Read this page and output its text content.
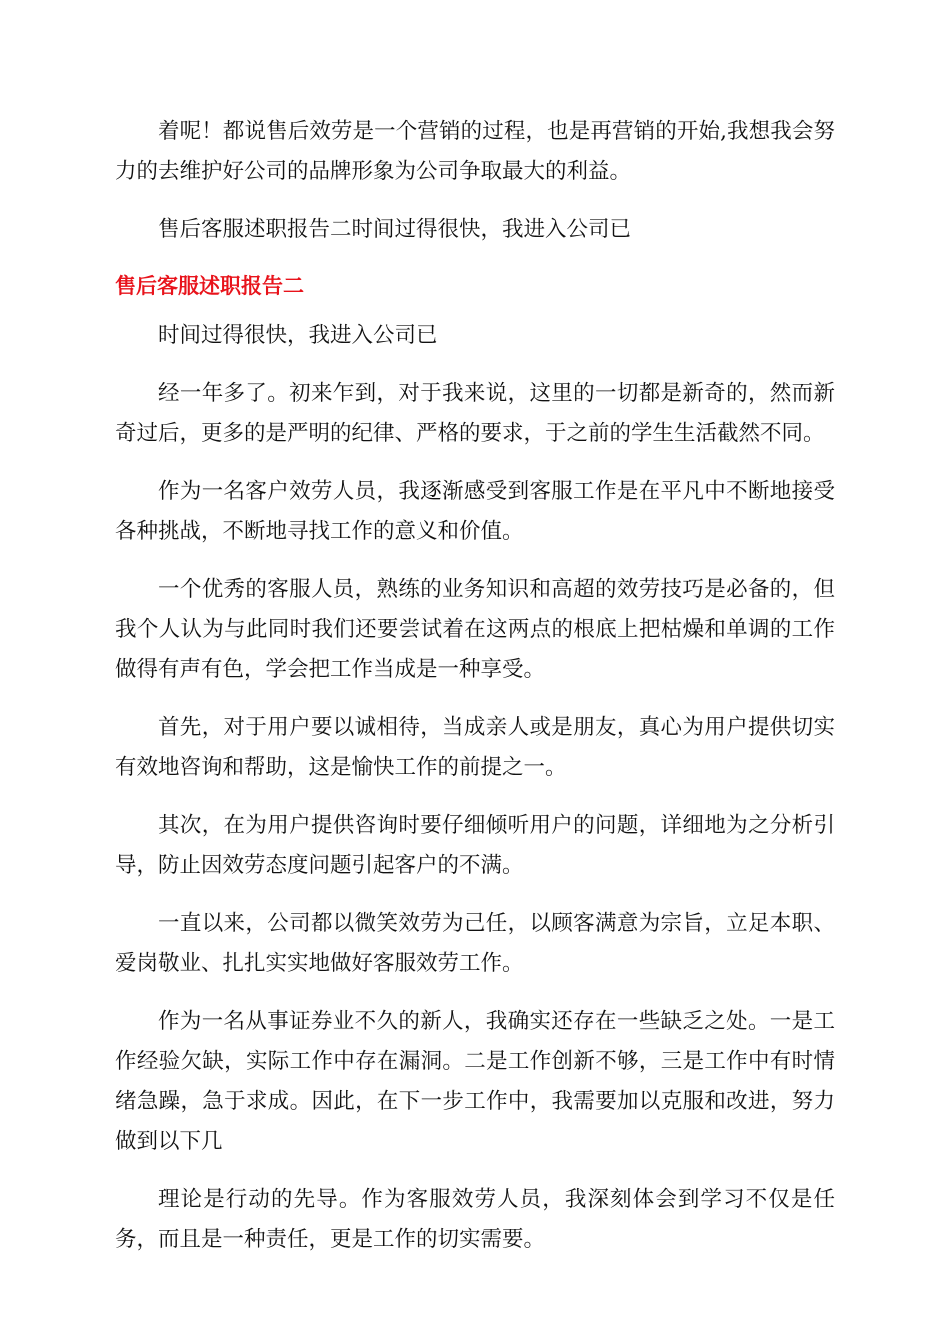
着呢！都说售后效劳是一个营销的过程，也是再营销的开始,我想我会努力的去维护好公司的品牌形象为公司争取最大的利益。

售后客服述职报告二时间过得很快，我进入公司已

售后客服述职报告二

时间过得很快，我进入公司已

经一年多了。初来乍到，对于我来说，这里的一切都是新奇的，然而新奇过后，更多的是严明的纪律、严格的要求，于之前的学生生活截然不同。

作为一名客户效劳人员，我逐渐感受到客服工作是在平凡中不断地接受各种挑战，不断地寻找工作的意义和价值。

一个优秀的客服人员，熟练的业务知识和高超的效劳技巧是必备的，但我个人认为与此同时我们还要尝试着在这两点的根底上把枯燥和单调的工作做得有声有色，学会把工作当成是一种享受。

首先，对于用户要以诚相待，当成亲人或是朋友，真心为用户提供切实有效地咨询和帮助，这是愉快工作的前提之一。

其次，在为用户提供咨询时要仔细倾听用户的问题，详细地为之分析引导，防止因效劳态度问题引起客户的不满。

一直以来，公司都以微笑效劳为己任，以顾客满意为宗旨，立足本职、爱岗敬业、扎扎实实地做好客服效劳工作。

作为一名从事证券业不久的新人，我确实还存在一些缺乏之处。一是工作经验欠缺，实际工作中存在漏洞。二是工作创新不够，三是工作中有时情绪急躁，急于求成。因此，在下一步工作中，我需要加以克服和改进，努力做到以下几

理论是行动的先导。作为客服效劳人员，我深刻体会到学习不仅是任务，而且是一种责任，更是工作的切实需要。
